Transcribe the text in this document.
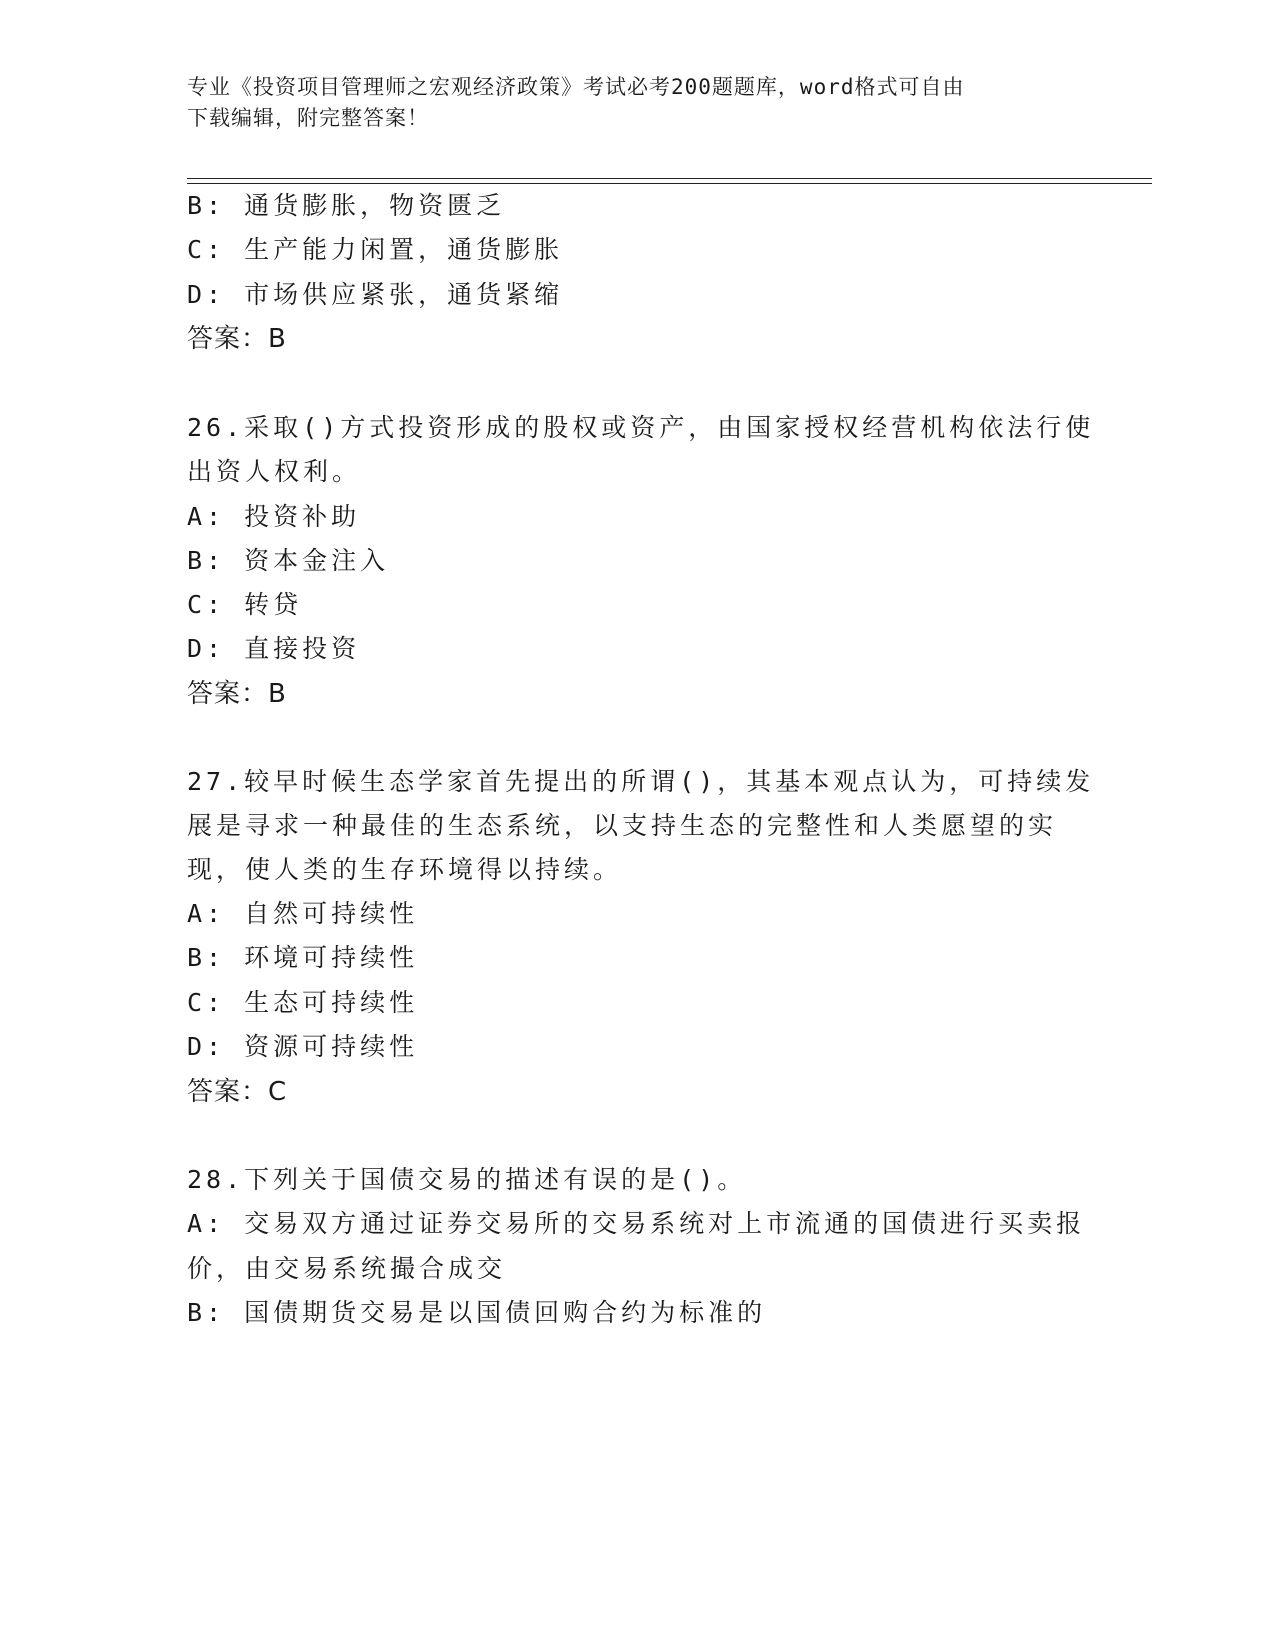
专业《投资项目管理师之宏观经济政策》考试必考200题题库，word格式可自由
下载编辑，附完整答案！
B: 通货膨胀，物资匮乏
C: 生产能力闲置，通货膨胀
D: 市场供应紧张，通货紧缩
答案：B
26.采取()方式投资形成的股权或资产，由国家授权经营机构依法行使
出资人权利。
A: 投资补助
B: 资本金注入
C: 转贷
D: 直接投资
答案：B
27.较早时候生态学家首先提出的所谓()，其基本观点认为，可持续发
展是寻求一种最佳的生态系统，以支持生态的完整性和人类愿望的实
现，使人类的生存环境得以持续。
A: 自然可持续性
B: 环境可持续性
C: 生态可持续性
D: 资源可持续性
答案：C
28.下列关于国债交易的描述有误的是()。
A: 交易双方通过证券交易所的交易系统对上市流通的国债进行买卖报
价，由交易系统撮合成交
B: 国债期货交易是以国债回购合约为标准的
